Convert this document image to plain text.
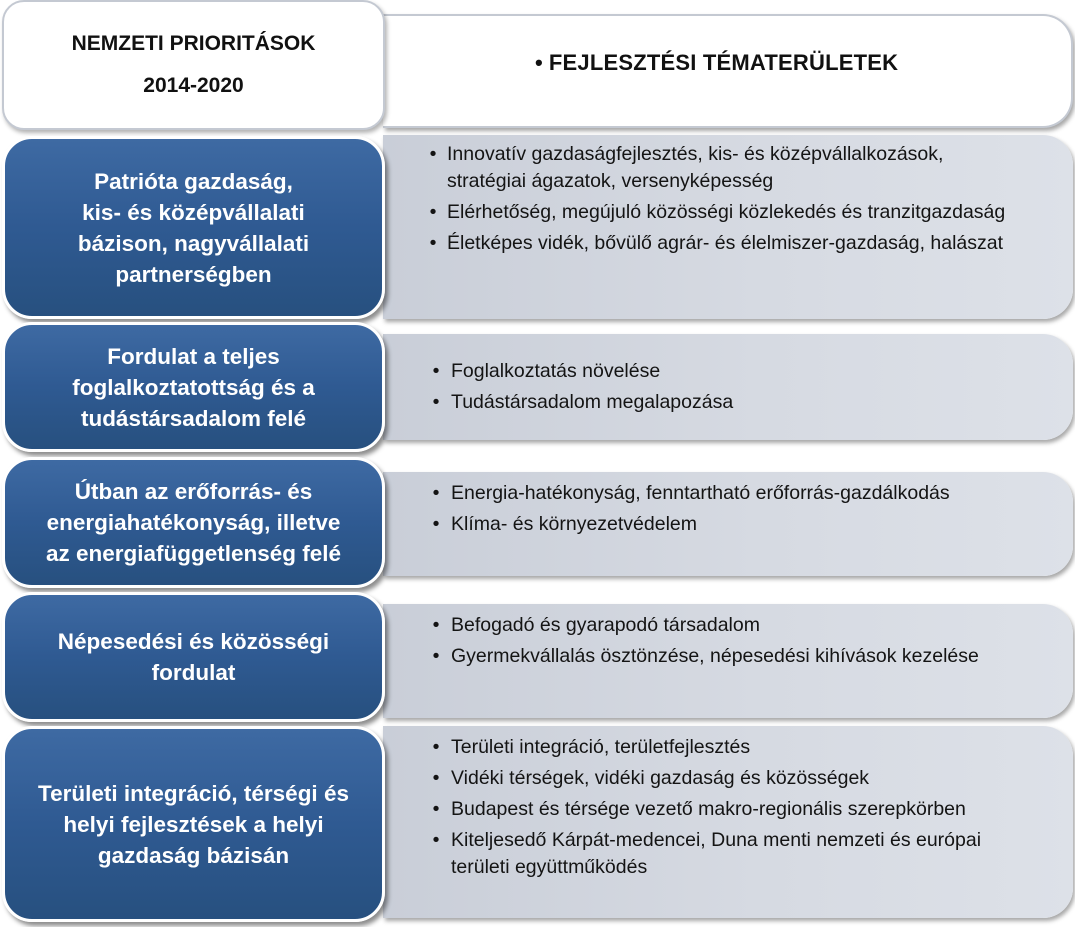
• FEJLESZTÉSI TÉMATERÜLETEK
NEMZETI PRIORITÁSOK
2014-2020
• Innovatív gazdaságfejlesztés, kis- és középvállalkozások, stratégiai ágazatok, versenyképesség
• Elérhetőség, megújuló közösségi közlekedés és tranzitgazdaság
• Életképes vidék, bővülő agrár- és élelmiszer-gazdaság, halászat
Patrióta gazdaság,
kis- és középvállalati
bázison, nagyvállalati
partnerségben
• Foglalkoztatás növelése
• Tudástársadalom megalapozása
Fordulat a teljes
foglalkoztatottság és a
tudástársadalom felé
• Energia-hatékonyság, fenntartható erőforrás-gazdálkodás
• Klíma- és környezetvédelem
Útban az erőforrás- és
energiahatékonyság, illetve
az energiafüggetlenség felé
• Befogadó és gyarapodó társadalom
• Gyermekvállalás ösztönzése, népesedési kihívások kezelése
Népesedési és közösségi
fordulat
• Területi integráció, területfejlesztés
• Vidéki térségek, vidéki gazdaság és közösségek
• Budapest és térsége vezető makro-regionális szerepkörben
• Kiteljesedő Kárpát-medencei, Duna menti nemzeti és európai területi együttműködés
Területi integráció, térségi és
helyi fejlesztések a helyi
gazdaság bázisán
